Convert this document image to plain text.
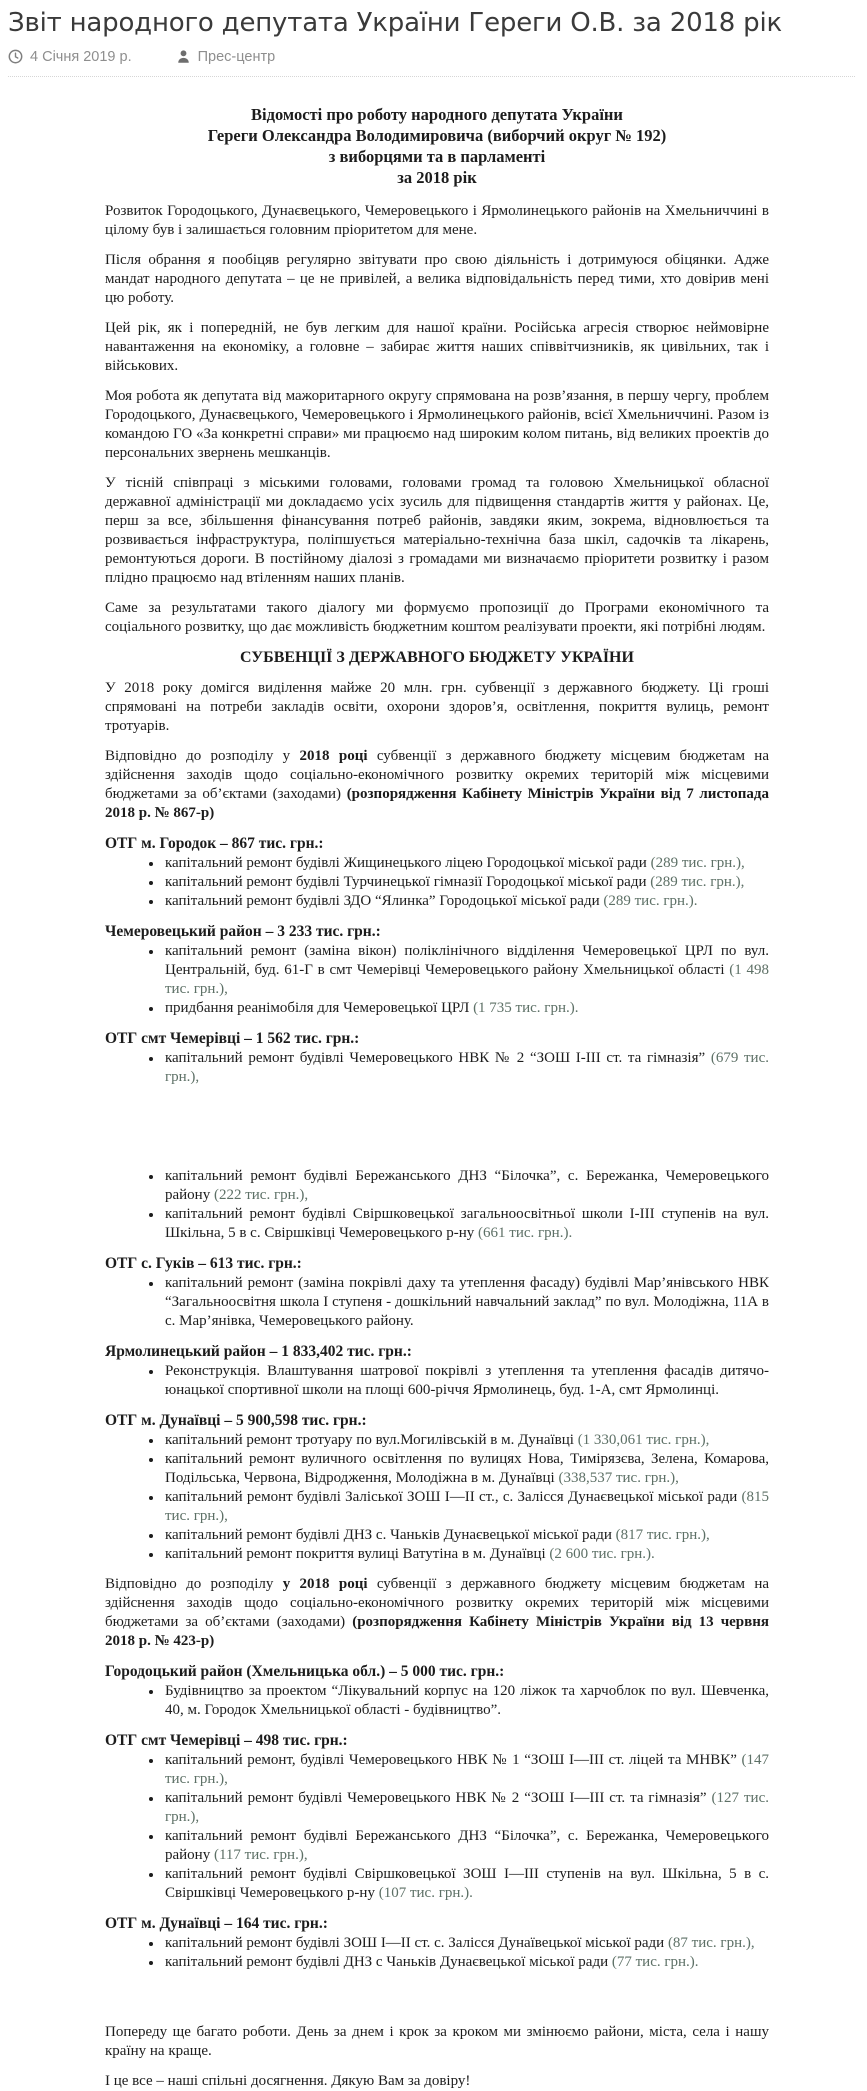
Звіт народного депутата України Гереги О.В. за 2018 рік
4 Січня 2019 р.	Прес-центр
Відомості про роботу народного депутата України
Гереги Олександра Володимировича (виборчий округ № 192)
з виборцями та в парламенті
за 2018 рік

Розвиток Городоцького, Дунаєвецького, Чемеровецького і Ярмолинецького районів на Хмельниччині в цілому був і залишається головним пріоритетом для мене.

Після обрання я пообіцяв регулярно звітувати про свою діяльність і дотримуюся обіцянки. Адже мандат народного депутата – це не привілей, а велика відповідальність перед тими, хто довірив мені цю роботу.

Цей рік, як і попередній, не був легким для нашої країни. Російська агресія створює неймовірне навантаження на економіку, а головне – забирає життя наших співвітчизників, як цивільних, так і військових.

Моя робота як депутата від мажоритарного округу спрямована на розв’язання, в першу чергу, проблем Городоцького, Дунаєвецького, Чемеровецького і Ярмолинецького районів, всієї Хмельниччині. Разом із командою ГО «За конкретні справи» ми працюємо над широким колом питань, від великих проектів до персональних звернень мешканців.

У тісній співпраці з міськими головами, головами громад та головою Хмельницької обласної державної адміністрації ми докладаємо усіх зусиль для підвищення стандартів життя у районах. Це, перш за все, збільшення фінансування потреб районів, завдяки яким, зокрема, відновлюється та розвивається інфраструктура, поліпшується матеріально-технічна база шкіл, садочків та лікарень, ремонтуються дороги. В постійному діалозі з громадами ми визначаємо пріоритети розвитку і разом плідно працюємо над втіленням наших планів.

Саме за результатами такого діалогу ми формуємо пропозиції до Програми економічного та соціального розвитку, що дає можливість бюджетним коштом реалізувати проекти, які потрібні людям.

СУБВЕНЦІЇ З ДЕРЖАВНОГО БЮДЖЕТУ УКРАЇНИ

У 2018 року домігся виділення майже 20 млн. грн. субвенції з державного бюджету. Ці гроші спрямовані на потреби закладів освіти, охорони здоров’я, освітлення, покриття вулиць, ремонт тротуарів.

Відповідно до розподілу у 2018 році субвенції з державного бюджету місцевим бюджетам на здійснення заходів щодо соціально-економічного розвитку окремих територій між місцевими бюджетами за об’єктами (заходами) (розпорядження Кабінету Міністрів України від 7 листопада 2018 р. № 867-р)

ОТГ м. Городок – 867 тис. грн.:
• капітальний ремонт будівлі Жищинецького ліцею Городоцької міської ради (289 тис. грн.),
• капітальний ремонт будівлі Турчинецької гімназії Городоцької міської ради (289 тис. грн.),
• капітальний ремонт будівлі ЗДО “Ялинка” Городоцької міської ради (289 тис. грн.).
Чемеровецький район – 3 233 тис. грн.:
• капітальний ремонт (заміна вікон) поліклінічного відділення Чемеровецької ЦРЛ по вул. Центральній, буд. 61-Г в смт Чемерівці Чемеровецького району Хмельницької області (1 498 тис. грн.),
• придбання реанімобіля для Чемеровецької ЦРЛ (1 735 тис. грн.).
ОТГ смт Чемерівці – 1 562 тис. грн.:
• капітальний ремонт будівлі Чемеровецького НВК № 2 “ЗОШ І-ІІІ ст. та гімназія” (679 тис. грн.),
• капітальний ремонт будівлі Бережанського ДНЗ “Білочка”, с. Бережанка, Чемеровецького району (222 тис. грн.),
• капітальний ремонт будівлі Свіршковецької загальноосвітньої школи І-ІІІ ступенів на вул. Шкільна, 5 в с. Свіршківці Чемеровецького р-ну (661 тис. грн.).
ОТГ с. Гуків – 613 тис. грн.:
• капітальний ремонт (заміна покрівлі даху та утеплення фасаду) будівлі Мар’янівського НВК “Загальноосвітня школа І ступеня - дошкільний навчальний заклад” по вул. Молодіжна, 11А в с. Мар’янівка, Чемеровецького району.
Ярмолинецький район – 1 833,402 тис. грн.:
• Реконструкція. Влаштування шатрової покрівлі з утеплення та утеплення фасадів дитячо-юнацької спортивної школи на площі 600-річчя Ярмолинець, буд. 1-А, смт Ярмолинці.
ОТГ м. Дунаївці – 5 900,598 тис. грн.:
• капітальний ремонт тротуару по вул.Могилівській в м. Дунаївці (1 330,061 тис. грн.),
• капітальний ремонт вуличного освітлення по вулицях Нова, Тимірязєва, Зелена, Комарова, Подільська, Червона, Відродження, Молодіжна в м. Дунаївці (338,537 тис. грн.),
• капітальний ремонт будівлі Заліської ЗОШ І—ІІ ст., с. Залісся Дунаєвецької міської ради (815 тис. грн.),
• капітальний ремонт будівлі ДНЗ с. Чаньків Дунаєвецької міської ради (817 тис. грн.),
• капітальний ремонт покриття вулиці Ватутіна в м. Дунаївці (2 600 тис. грн.).

Відповідно до розподілу у 2018 році субвенції з державного бюджету місцевим бюджетам на здійснення заходів щодо соціально-економічного розвитку окремих територій між місцевими бюджетами за об’єктами (заходами) (розпорядження Кабінету Міністрів України від 13 червня 2018 р. № 423-р)

Городоцький район (Хмельницька обл.) – 5 000 тис. грн.:
• Будівництво за проектом “Лікувальний корпус на 120 ліжок та харчоблок по вул. Шевченка, 40, м. Городок Хмельницької області - будівництво”.
ОТГ смт Чемерівці – 498 тис. грн.:
• капітальний ремонт, будівлі Чемеровецького НВК № 1 “ЗОШ І—ІІІ ст. ліцей та МНВК” (147 тис. грн.),
• капітальний ремонт будівлі Чемеровецького НВК № 2 “ЗОШ І—ІІІ ст. та гімназія” (127 тис. грн.),
• капітальний ремонт будівлі Бережанського ДНЗ “Білочка”, с. Бережанка, Чемеровецького району (117 тис. грн.),
• капітальний ремонт будівлі Свіршковецької ЗОШ І—ІІІ ступенів на вул. Шкільна, 5 в с. Свіршківці Чемеровецького р-ну (107 тис. грн.).
ОТГ м. Дунаївці – 164 тис. грн.:
• капітальний ремонт будівлі ЗОШ І—ІІ ст. с. Залісся Дунаївецької міської ради (87 тис. грн.),
• капітальний ремонт будівлі ДНЗ с Чаньків Дунаєвецької міської ради (77 тис. грн.).

Попереду ще багато роботи. День за днем і крок за кроком ми змінюємо райони, міста, села і нашу країну на краще.

І це все – наші спільні досягнення. Дякую Вам за довіру!
